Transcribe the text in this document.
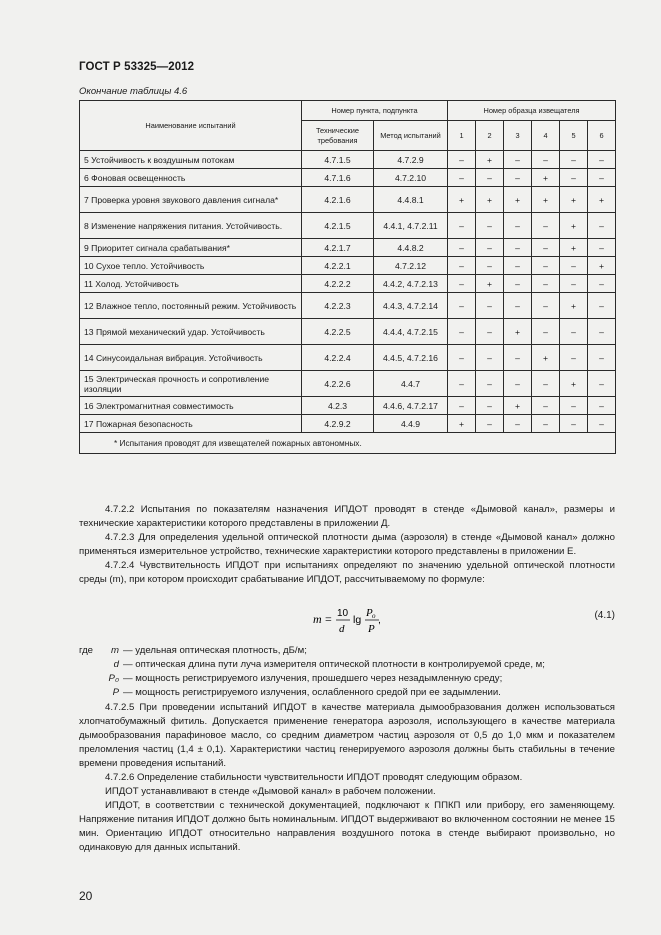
ГОСТ Р 53325—2012
Окончание таблицы 4.6
Наименование испытаний	Номер пункта, подпункта		Номер образца извещателя					
	Технические требования	Метод испытаний	1	2	3	4	5	6
5 Устойчивость к воздушным потокам	4.7.1.5	4.7.2.9	–	+	–	–	–	–
6 Фоновая освещенность	4.7.1.6	4.7.2.10	–	–	–	+	–	–
7 Проверка уровня звукового давления сигнала*	4.2.1.6	4.4.8.1	+	+	+	+	+	+
8 Изменение напряжения питания. Устойчивость.	4.2.1.5	4.4.1, 4.7.2.11	–	–	–	–	+	–
9 Приоритет сигнала срабатывания*	4.2.1.7	4.4.8.2	–	–	–	–	+	–
10 Сухое тепло. Устойчивость	4.2.2.1	4.7.2.12	–	–	–	–	–	+
11 Холод. Устойчивость	4.2.2.2	4.4.2, 4.7.2.13	–	+	–	–	–	–
12 Влажное тепло, постоянный режим. Устойчивость	4.2.2.3	4.4.3, 4.7.2.14	–	–	–	–	+	–
13 Прямой механический удар. Устойчивость	4.2.2.5	4.4.4, 4.7.2.15	–	–	+	–	–	–
14 Синусоидальная вибрация. Устойчивость	4.2.2.4	4.4.5, 4.7.2.16	–	–	–	+	–	–
15 Электрическая прочность и сопротивление изоляции	4.2.2.6	4.4.7	–	–	–	–	+	–
16 Электромагнитная совместимость	4.2.3	4.4.6, 4.7.2.17	–	–	+	–	–	–
17 Пожарная безопасность	4.2.9.2	4.4.9	+	–	–	–	–	–
* Испытания проводят для извещателей пожарных автономных.								

4.7.2.2 Испытания по показателям назначения ИПДОТ проводят в стенде «Дымовой канал», размеры и технические характеристики которого представлены в приложении Д.

4.7.2.3 Для определения удельной оптической плотности дыма (аэрозоля) в стенде «Дымовой канал» должно применяться измерительное устройство, технические характеристики которого представлены в приложении Е.

4.7.2.4 Чувствительность ИПДОТ при испытаниях определяют по значению удельной оптической плотности среды (m), при котором происходит срабатывание ИПДОТ, рассчитываемому по формуле:

m = 10
d
lg
P o
P
,	(4.1)
где m — удельная оптическая плотность, дБ/м;
d — оптическая длина пути луча измерителя оптической плотности в контролируемой среде, м;
P₀ — мощность регистрируемого излучения, прошедшего через незадымленную среду;
P — мощность регистрируемого излучения, ослабленного средой при ее задымлении.

4.7.2.5 При проведении испытаний ИПДОТ в качестве материала дымообразования должен использоваться хлопчатобумажный фитиль. Допускается применение генератора аэрозоля, использующего в качестве материала дымообразования парафиновое масло, со средним диаметром частиц аэрозоля от 0,5 до 1,0 мкм и показателем преломления частиц (1,4 ± 0,1). Характеристики частиц генерируемого аэрозоля должны быть стабильны в течение времени проведения испытаний.

4.7.2.6 Определение стабильности чувствительности ИПДОТ проводят следующим образом.

ИПДОТ устанавливают в стенде «Дымовой канал» в рабочем положении.

ИПДОТ, в соответствии с технической документацией, подключают к ППКП или прибору, его заменяющему. Напряжение питания ИПДОТ должно быть номинальным. ИПДОТ выдерживают во включенном состоянии не менее 15 мин. Ориентацию ИПДОТ относительно направления воздушного потока в стенде выбирают произвольно, но одинаковую для данных испытаний.

20
